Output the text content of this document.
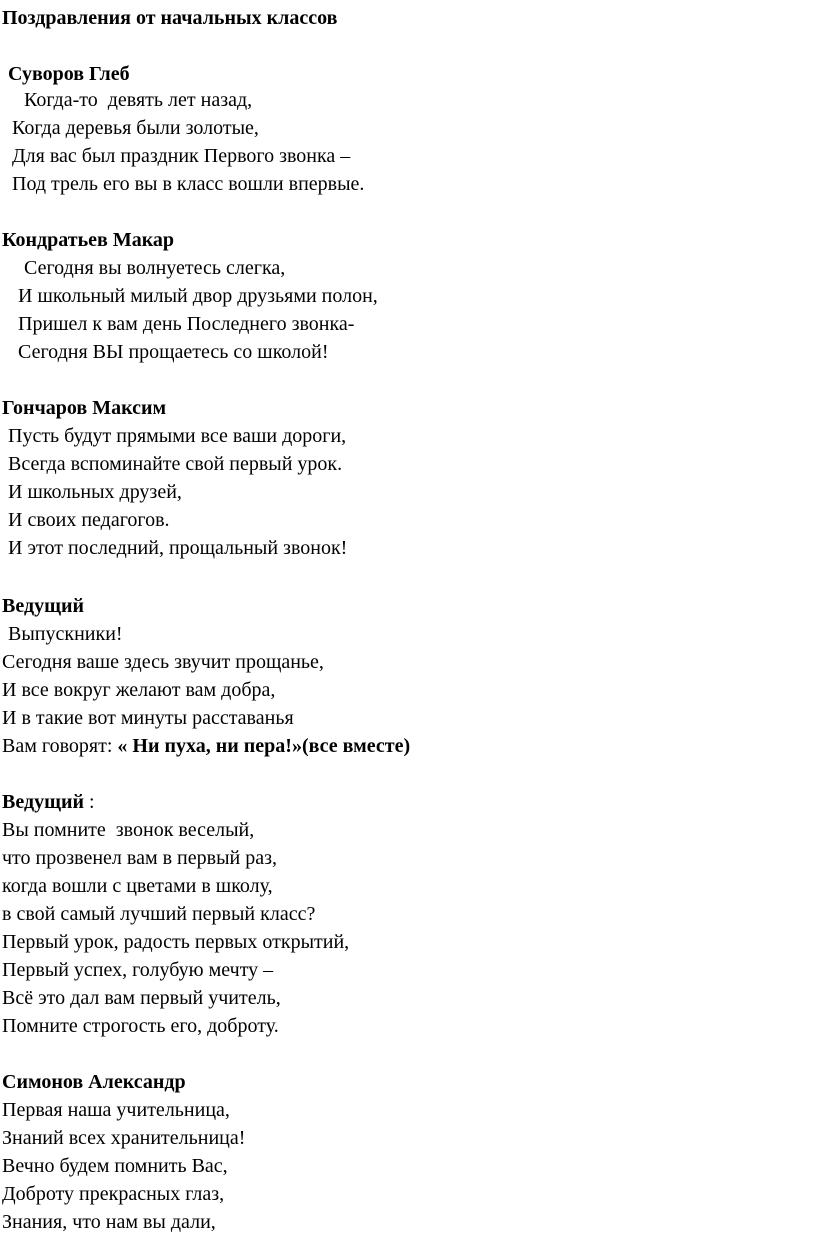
Поздравления от начальных классов

Суворов Глеб

Когда-то  девять лет назад,

Когда деревья были золотые,

Для вас был праздник Первого звонка –

Под трель его вы в класс вошли впервые.

Кондратьев Макар

Сегодня вы волнуетесь слегка,

И школьный милый двор друзьями полон,

Пришел к вам день Последнего звонка-

Сегодня ВЫ прощаетесь со школой!

Гончаров Максим

Пусть будут прямыми все ваши дороги,

Всегда вспоминайте свой первый урок.

И школьных друзей,

И своих педагогов.

И этот последний, прощальный звонок!

Ведущий

Выпускники!

Сегодня ваше здесь звучит прощанье,

И все вокруг желают вам добра,

И в такие вот минуты расставанья

Вам говорят: « Ни пуха, ни пера!»(все вместе)

Ведущий :

Вы помните  звонок веселый,

что прозвенел вам в первый раз,

когда вошли с цветами в школу,

в свой самый лучший первый класс?

Первый урок, радость первых открытий,

Первый успех, голубую мечту –

Всё это дал вам первый учитель,

Помните строгость его, доброту.

Симонов Александр

Первая наша учительница,

Знаний всех хранительница!

Вечно будем помнить Вас,

Доброту прекрасных глаз,

Знания, что нам вы дали,
